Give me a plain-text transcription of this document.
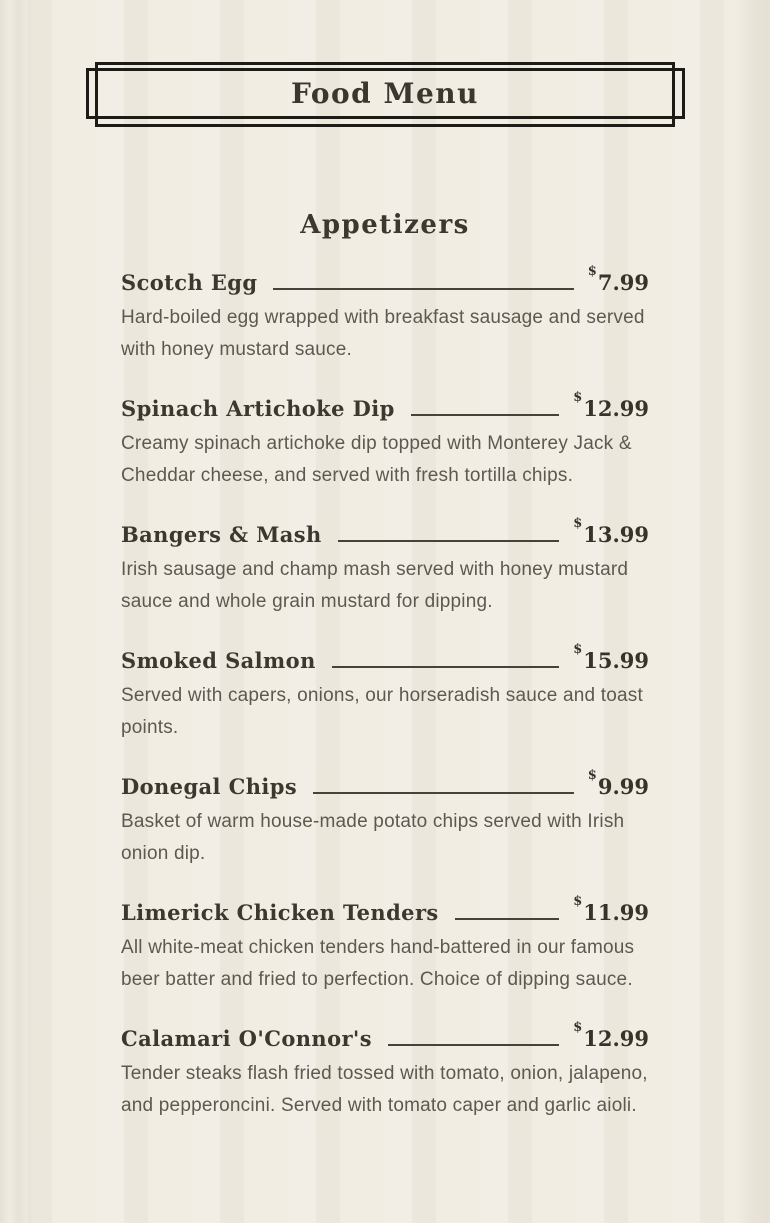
Food Menu
Appetizers
Scotch Egg	$7.99

Hard-boiled egg wrapped with breakfast sausage and served with honey mustard sauce.

Spinach Artichoke Dip	$12.99

Creamy spinach artichoke dip topped with Monterey Jack & Cheddar cheese, and served with fresh tortilla chips.

Bangers & Mash	$13.99

Irish sausage and champ mash served with honey mustard sauce and whole grain mustard for dipping.

Smoked Salmon	$15.99

Served with capers, onions, our horseradish sauce and toast points.

Donegal Chips	$9.99

Basket of warm house-made potato chips served with Irish onion dip.

Limerick Chicken Tenders	$11.99

All white-meat chicken tenders hand-battered in our famous beer batter and fried to perfection. Choice of dipping sauce.

Calamari O'Connor's	$12.99

Tender steaks flash fried tossed with tomato, onion, jalapeno, and pepperoncini. Served with tomato caper and garlic aioli.
